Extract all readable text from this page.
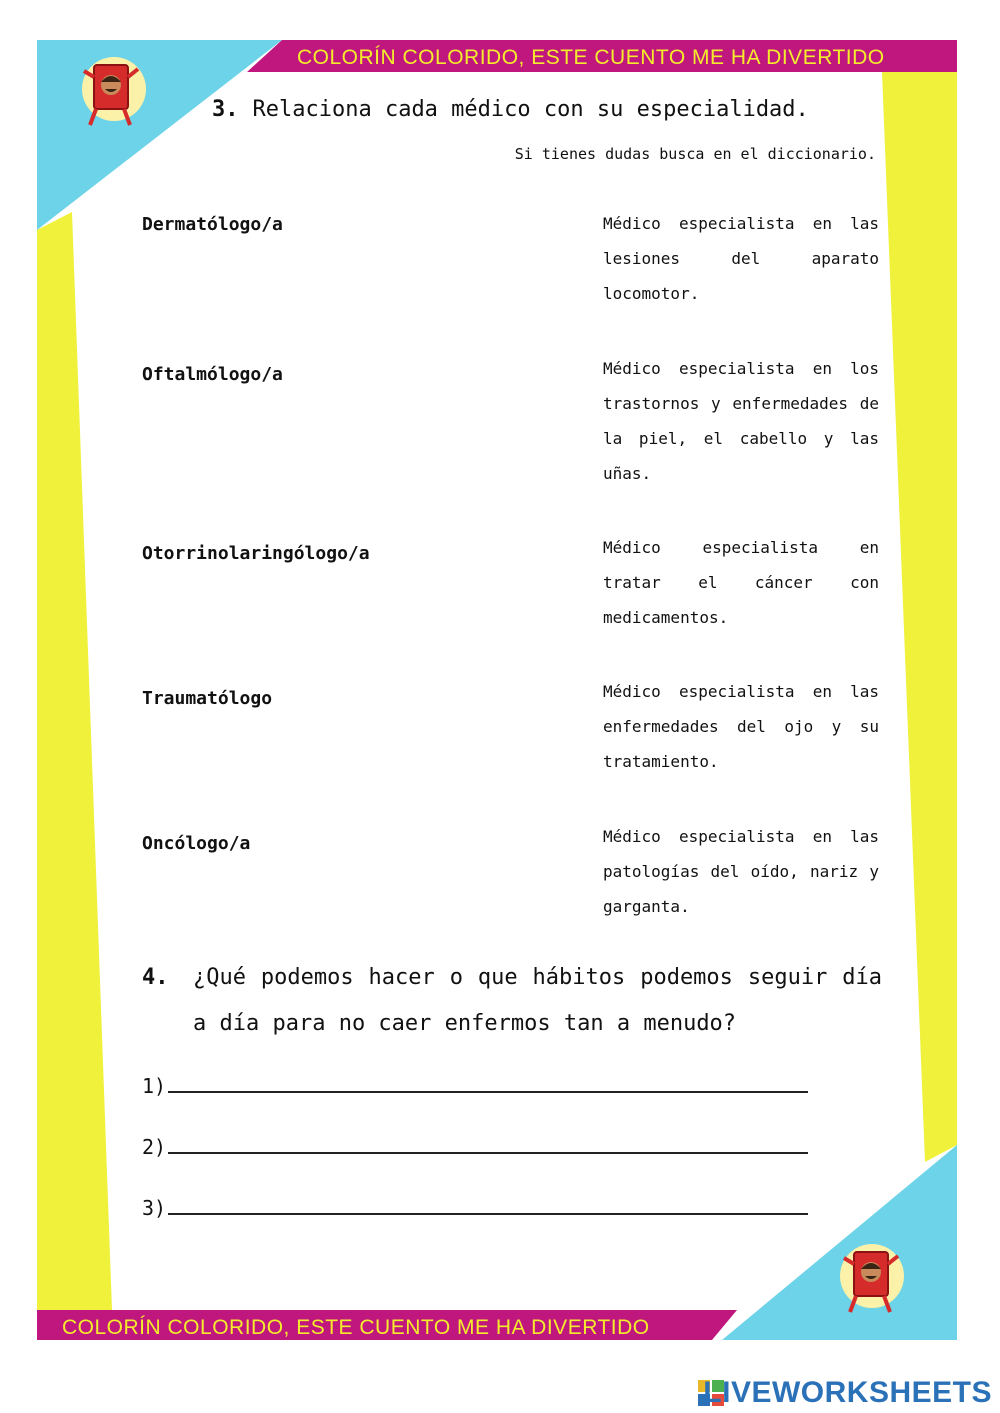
COLORÍN COLORIDO, ESTE CUENTO ME HA DIVERTIDO
COLORÍN COLORIDO, ESTE CUENTO ME HA DIVERTIDO
3. Relaciona cada médico con su especialidad.
Si tienes dudas busca en el diccionario.
Dermatólogo/a
Oftalmólogo/a
Otorrinolaringólogo/a
Traumatólogo
Oncólogo/a
Médico especialista en las lesiones del aparato locomotor.
Médico especialista en los trastornos y enfermedades de la piel, el cabello y las uñas.
Médico especialista en tratar el cáncer con medicamentos.
Médico especialista en las enfermedades del ojo y su tratamiento.
Médico especialista en las patologías del oído, nariz y garganta.
4.	¿Qué podemos hacer o que hábitos podemos seguir día a día para no caer enfermos tan a menudo?
1)
2)
3)
LIVEWORKSHEETS
